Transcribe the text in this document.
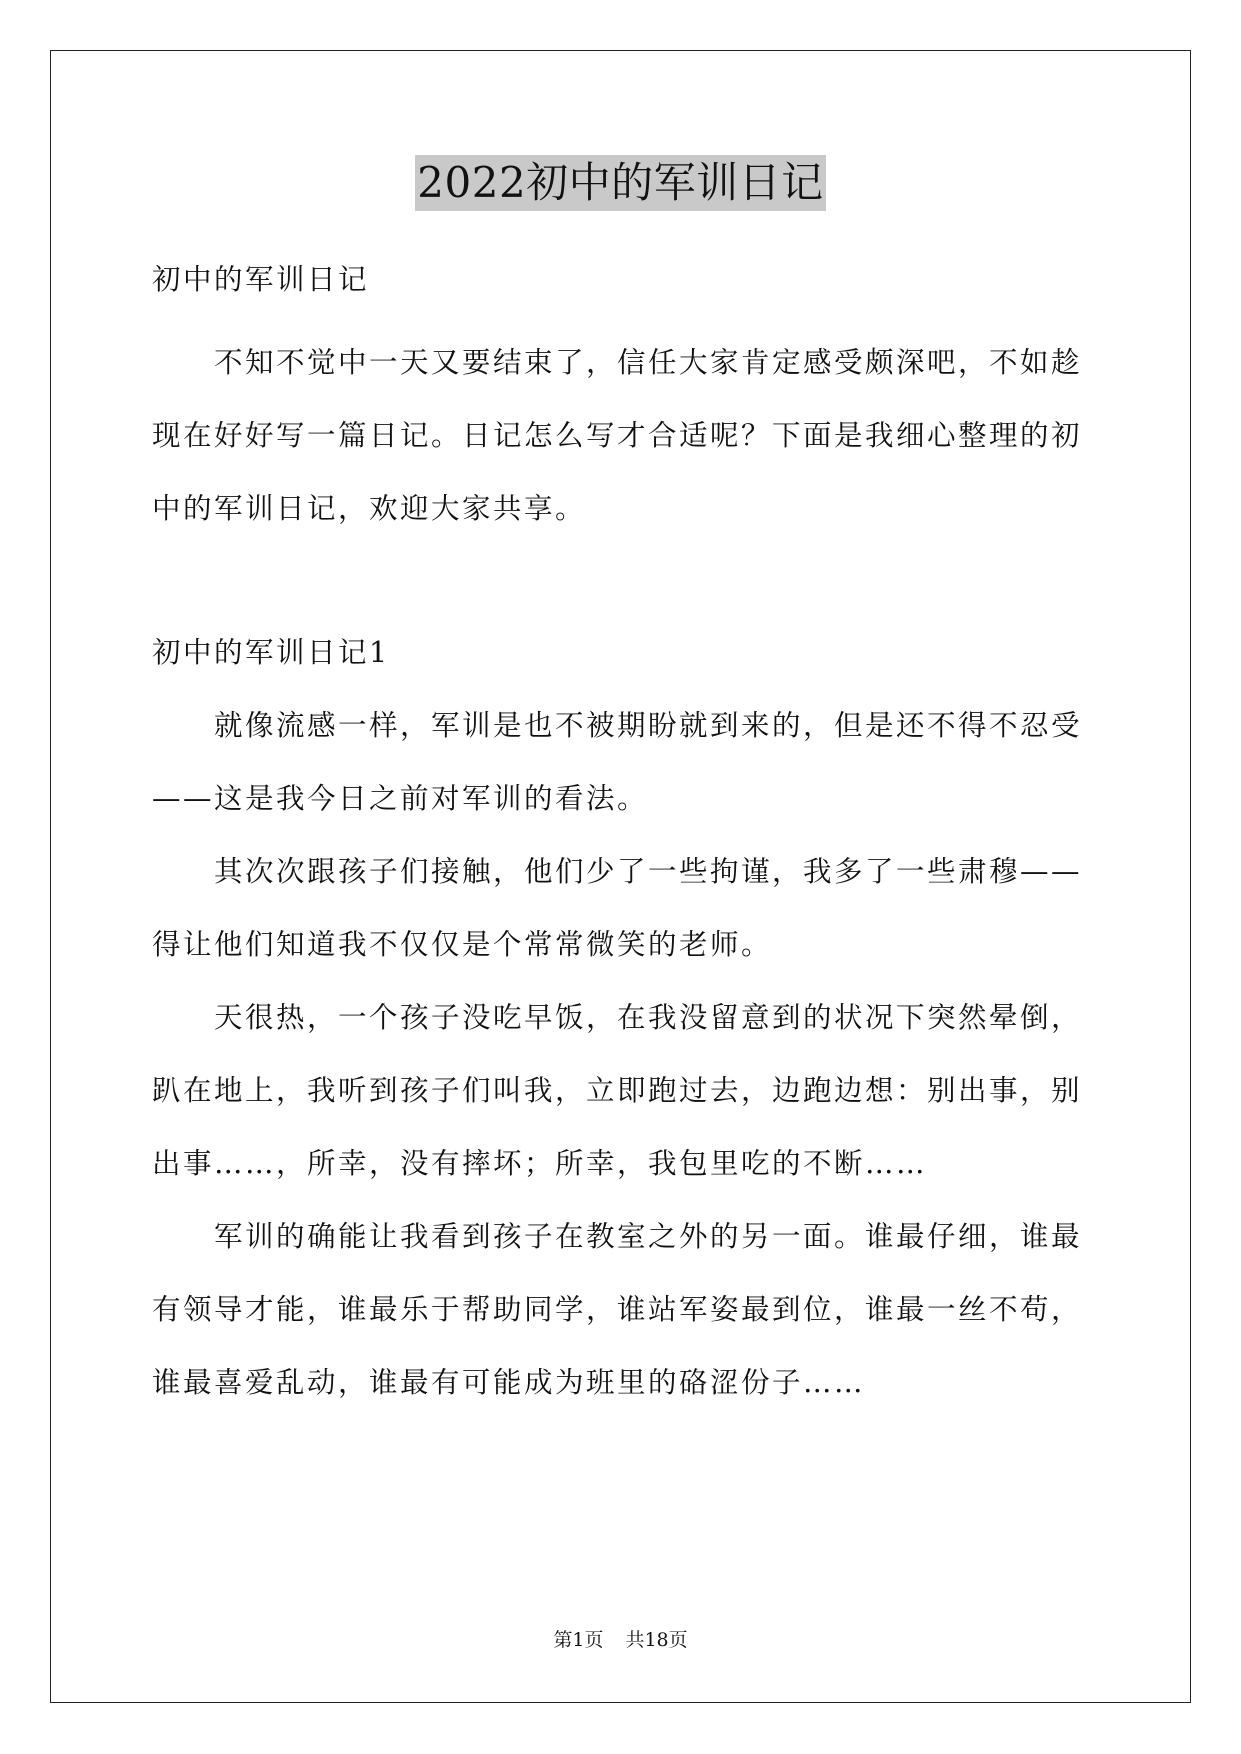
2022初中的军训日记
初中的军训日记
　　不知不觉中一天又要结束了，信任大家肯定感受颇深吧，不如趁
现在好好写一篇日记。日记怎么写才合适呢？下面是我细心整理的初
中的军训日记，欢迎大家共享。
初中的军训日记1
　　就像流感一样，军训是也不被期盼就到来的，但是还不得不忍受
——这是我今日之前对军训的看法。
　　其次次跟孩子们接触，他们少了一些拘谨，我多了一些肃穆——
得让他们知道我不仅仅是个常常微笑的老师。
　　天很热，一个孩子没吃早饭，在我没留意到的状况下突然晕倒，
趴在地上，我听到孩子们叫我，立即跑过去，边跑边想：别出事，别
出事……，所幸，没有摔坏；所幸，我包里吃的不断……
　　军训的确能让我看到孩子在教室之外的另一面。谁最仔细，谁最
有领导才能，谁最乐于帮助同学，谁站军姿最到位，谁最一丝不苟，
谁最喜爱乱动，谁最有可能成为班里的硌涩份子……
第1页 共18页
